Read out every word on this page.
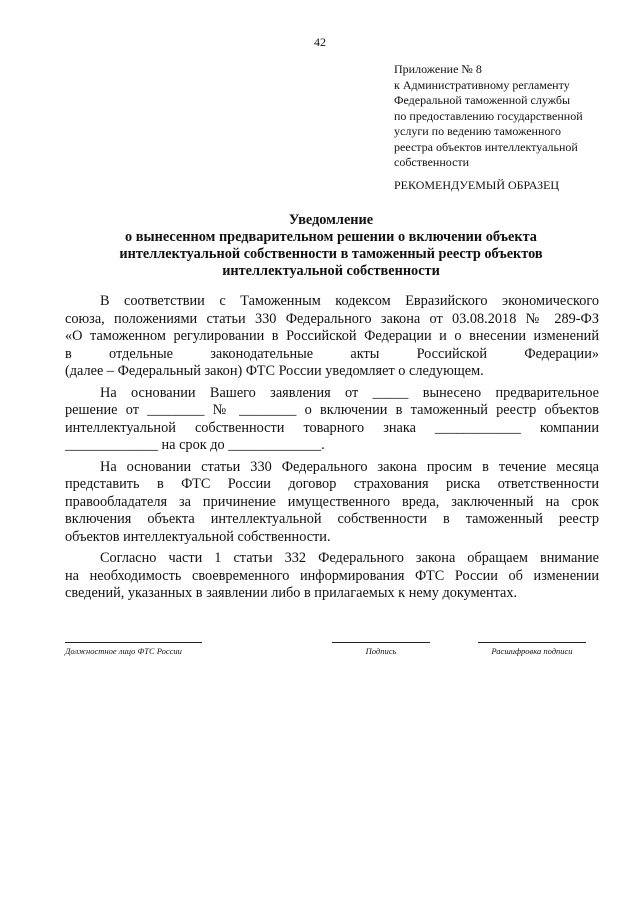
42
Приложение № 8
к Административному регламенту
Федеральной таможенной службы
по предоставлению государственной
услуги по ведению таможенного
реестра объектов интеллектуальной
собственности
РЕКОМЕНДУЕМЫЙ ОБРАЗЕЦ
Уведомление
о вынесенном предварительном решении о включении объекта
интеллектуальной собственности в таможенный реестр объектов
интеллектуальной собственности
В соответствии с Таможенным кодексом Евразийского экономического
союза, положениями статьи 330 Федерального закона от 03.08.2018 № 289-ФЗ
«О таможенном регулировании в Российской Федерации и о внесении изменений
в отдельные законодательные акты Российской Федерации»
(далее – Федеральный закон) ФТС России уведомляет о следующем.
На основании Вашего заявления от _____ вынесено предварительное
решение от ________ № ________ о включении в таможенный реестр объектов
интеллектуальной собственности товарного знака ____________ компании
_____________ на срок до _____________.
На основании статьи 330 Федерального закона просим в течение месяца
представить в ФТС России договор страхования риска ответственности
правообладателя за причинение имущественного вреда, заключенный на срок
включения объекта интеллектуальной собственности в таможенный реестр
объектов интеллектуальной собственности.
Согласно части 1 статьи 332 Федерального закона обращаем внимание
на необходимость своевременного информирования ФТС России об изменении
сведений, указанных в заявлении либо в прилагаемых к нему документах.
Должностное лицо ФТС России	Подпись	Расшифровка подписи
